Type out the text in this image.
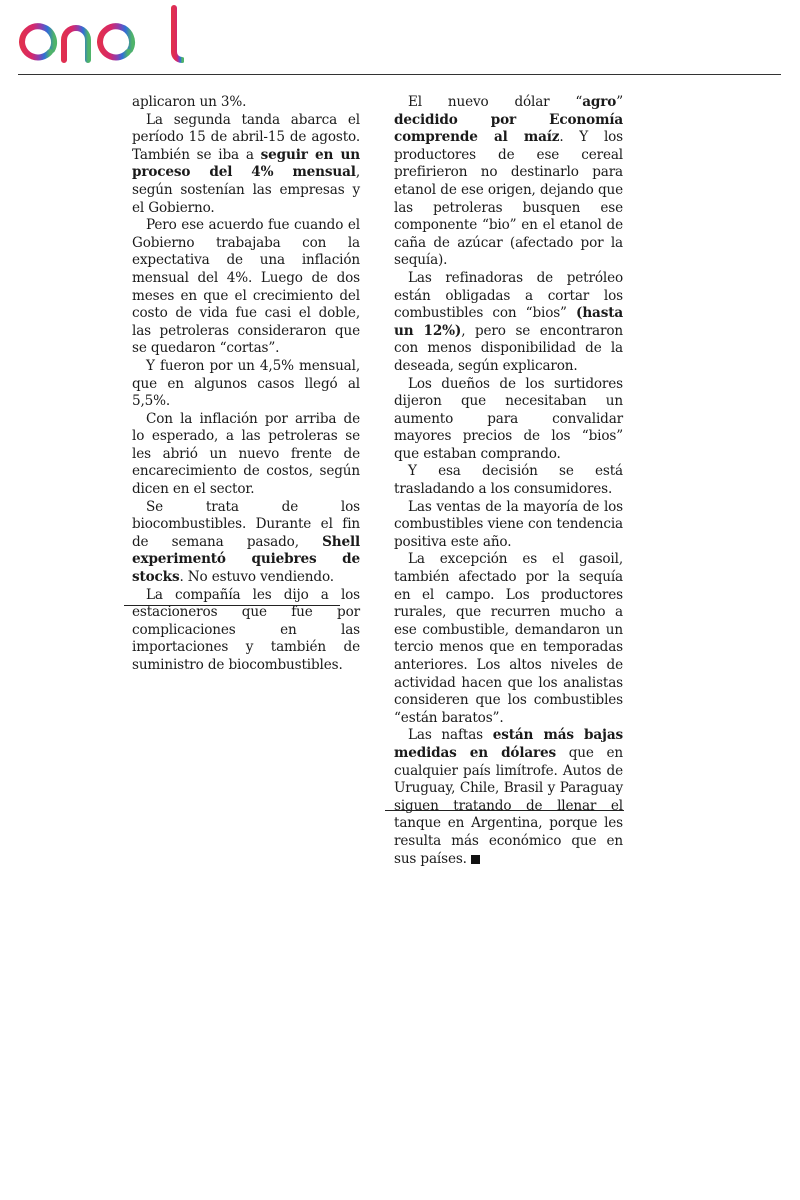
aplicaron un 3%.

La segunda tanda abarca el período 15 de abril-15 de agosto. También se iba a seguir en un proceso del 4% mensual, según sostenían las empresas y el Gobierno.

Pero ese acuerdo fue cuando el Gobierno trabajaba con la expectativa de una inflación mensual del 4%. Luego de dos meses en que el crecimiento del costo de vida fue casi el doble, las petroleras consideraron que se quedaron “cortas”.

Y fueron por un 4,5% mensual, que en algunos casos llegó al 5,5%.

Con la inflación por arriba de lo esperado, a las petroleras se les abrió un nuevo frente de encarecimiento de costos, según dicen en el sector.

Se trata de los biocombustibles. Durante el fin de semana pasado, Shell experimentó quiebres de stocks. No estuvo vendiendo.

La compañía les dijo a los estacioneros que fue por complicaciones en las importaciones y también de suministro de biocombustibles.

El nuevo dólar “agro” decidido por Economía comprende al maíz. Y los productores de ese cereal prefirieron no destinarlo para etanol de ese origen, dejando que las petroleras busquen ese componente “bio” en el etanol de caña de azúcar (afectado por la sequía).

Las refinadoras de petróleo están obligadas a cortar los combustibles con “bios” (hasta un 12%), pero se encontraron con menos disponibilidad de la deseada, según explicaron.

Los dueños de los surtidores dijeron que necesitaban un aumento para convalidar mayores precios de los “bios” que estaban comprando.

Y esa decisión se está trasladando a los consumidores.

Las ventas de la mayoría de los combustibles viene con tendencia positiva este año.

La excepción es el gasoil, también afectado por la sequía en el campo. Los productores rurales, que recurren mucho a ese combustible, demandaron un tercio menos que en temporadas anteriores. Los altos niveles de actividad hacen que los analistas consideren que los combustibles “están baratos”.

Las naftas están más bajas medidas en dólares que en cualquier país limítrofe. Autos de Uruguay, Chile, Brasil y Paraguay siguen tratando de llenar el tanque en Argentina, porque les resulta más económico que en sus países.
